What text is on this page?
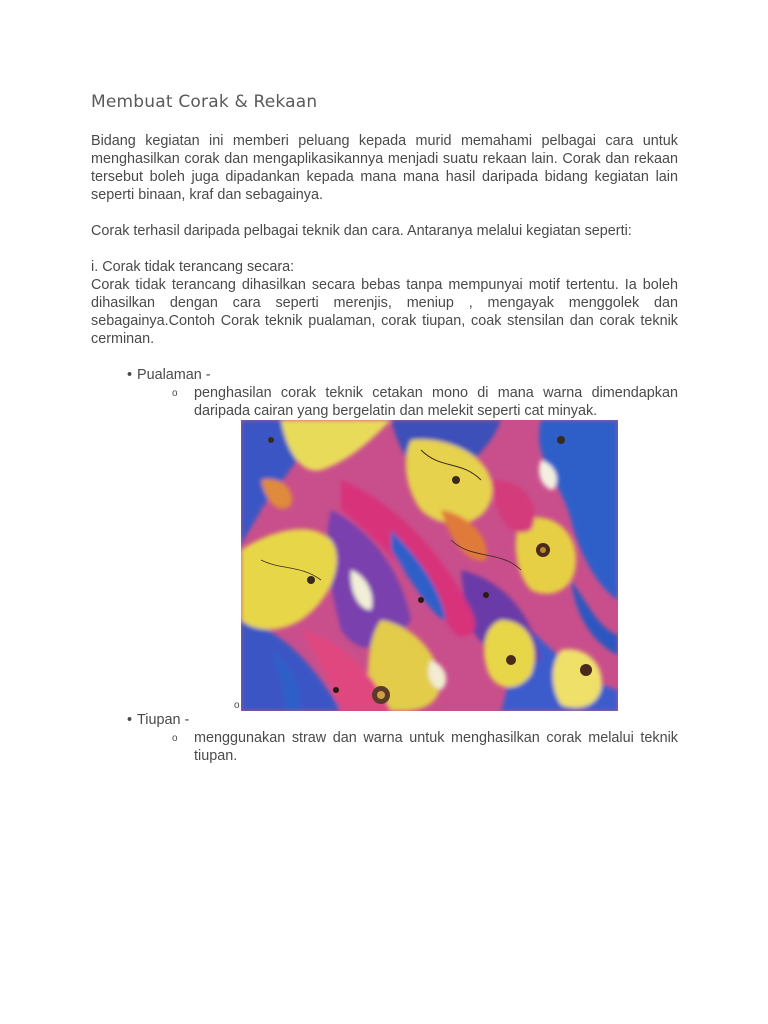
Membuat Corak & Rekaan

Bidang kegiatan ini memberi peluang kepada murid memahami pelbagai cara untuk menghasilkan corak dan mengaplikasikannya menjadi suatu rekaan lain. Corak dan rekaan tersebut boleh juga dipadankan kepada mana mana hasil daripada bidang kegiatan lain seperti binaan, kraf dan sebagainya.

Corak terhasil daripada pelbagai teknik dan cara. Antaranya melalui kegiatan seperti:

i. Corak tidak terancang secara:

Corak tidak terancang dihasilkan secara bebas tanpa mempunyai motif tertentu. Ia boleh dihasilkan dengan cara seperti merenjis, meniup , mengayak menggolek dan sebagainya.Contoh Corak teknik pualaman, corak tiupan, coak stensilan dan corak teknik cerminan.

• Pualaman -
o penghasilan corak teknik cetakan mono di mana warna dimendapkan daripada cairan yang bergelatin dan melekit seperti cat minyak.
o
• Tiupan -
o menggunakan straw dan warna untuk menghasilkan corak melalui teknik tiupan.
